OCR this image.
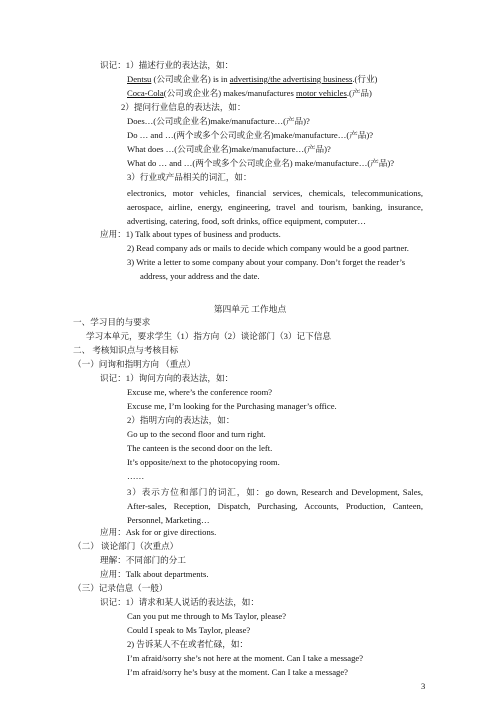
识记：1）描述行业的表达法，如：
Dentsu (公司或企业名) is in advertising/the advertising business.(行业)
Coca-Cola(公司或企业名) makes/manufactures motor vehicles.(产品)
2）提问行业信息的表达法，如：
Does…(公司或企业名)make/manufacture…(产品)?
Do … and …(两个或多个公司或企业名)make/manufacture…(产品)?
What does …(公司或企业名)make/manufacture…(产品)?
What do … and …(两个或多个公司或企业名) make/manufacture…(产品)?
3）行业或产品相关的词汇，如：
electronics, motor vehicles, financial services, chemicals, telecommunications, aerospace, airline, energy, engineering, travel and tourism, banking, insurance, advertising, catering, food, soft drinks, office equipment, computer…
应用：1) Talk about types of business and products.
2) Read company ads or mails to decide which company would be a good partner.
3) Write a letter to some company about your company. Don’t forget the reader’s
address, your address and the date.
第四单元 工作地点
一、学习目的与要求
学习本单元，要求学生（1）指方向（2）谈论部门（3）记下信息
二、 考核知识点与考核目标
（一）问询和指明方向 （重点）
识记：1）询问方向的表达法，如：
Excuse me, where’s the conference room?
Excuse me, I’m looking for the Purchasing manager’s office.
2）指明方向的表达法，如：
Go up to the second floor and turn right.
The canteen is the second door on the left.
It’s opposite/next to the photocopying room.
……
3）表示方位和部门的词汇，如：go down, Research and Development, Sales, After-sales, Reception, Dispatch, Purchasing, Accounts, Production, Canteen, Personnel, Marketing…
应用：Ask for or give directions.
（二） 谈论部门（次重点）
理解：不同部门的分工
应用：Talk about departments.
（三）记录信息（一般）
识记：1）请求和某人说话的表达法，如：
Can you put me through to Ms Taylor, please?
Could I speak to Ms Taylor, please?
2) 告诉某人不在或者忙碌，如：
I’m afraid/sorry she’s not here at the moment. Can I take a message?
I’m afraid/sorry he’s busy at the moment. Can I take a message?
3
